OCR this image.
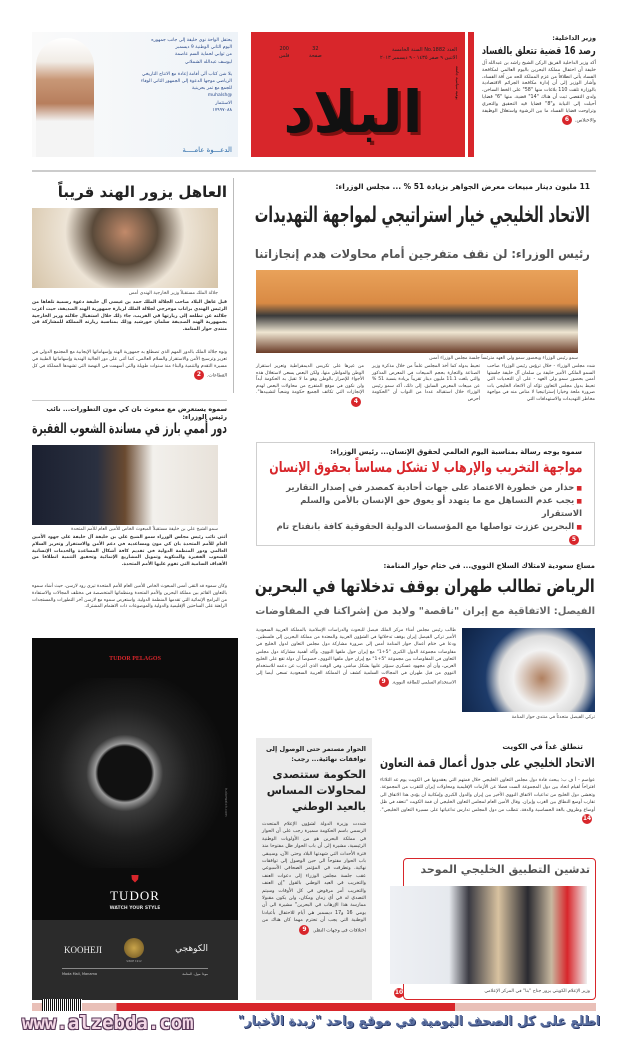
وزير الداخلية:
رصد 16 قضية تتعلق بالفساد
أكد وزير الداخلية الفريق الركن الشيخ راشد بن عبدالله آل خليفة أن احتفال مملكة البحرين باليوم العالمي لمكافحة الفساد يأتي انطلاقاً من عزم المملكة للحد من آفة الفساد، وأشار الوزير إلى أن إدارة مكافحة الجرائم الاقتصادية بالوزارة تلقت 110 بلاغات منها "58" على الخط الساخن، ولدى التقصي ثبت أن هناك "14" قضية، منها "6" قضايا أحيلت إلى النيابة و"8" قضايا قيد التحقيق والتحري وتراوحت قضايا الفساد ما بين الرشوة واستغلال الوظيفة والاختلاس.6
العدد No.1882 السنة الخامسة
الاثنين ٩ صفر ١٤٣٥ - ٩ ديسمبر ٢٠١٣
32
صفحة
200
فلس
البلاد	يومية سياسية جامعة
يحتفل الواحة نوي خليفة إلى جانب جمهوره
اليوم الثاني الوطنية 9 ديسمبر
من ثوابي لحماية السم عاصمة
ليوسف عبدالله الشملاني
يلا شن كتاب ألى أقامة إعادة مع الانتاج التاريخي
الرياضي موجها الدعوة إلى الجمهور الثاني الوفاء
للجمع مع تمر بحرينية
@muhalsh
الاستثمار
١٧٩٩٧٠٨٨
الدعـــوة عامــــة
11 مليون دينار مبيعات معرض الجواهر بزيادة 51 % ... مجلس الوزراء:
الاتحاد الخليجي خيار استراتيجي لمواجهة التهديدات
رئيس الوزراء: لن نقف متفرجين أمام محاولات هدم إنجازاتنا
سمو رئيس الوزراء وبحضور سمو ولي العهد مترئساً جلسة مجلس الوزراء أمس
شدد مجلس الوزراء - خلال ترؤس رئيس الوزراء صاحب السمو الملكي الأمير خليفة بن سلمان آل خليفة جلستها أمس بحضور سمو ولي العهد - على أن التحديات التي تحيط بدول مجلس التعاون تؤكد أن الاتحاد الخليجي بات ضرورة ملحة وخيارا إستراتيجيا لا مناص منه في مواجهة مخاطر التهديدات والاستهدافات التي
تحيط بدوله كما أخذ المجلس علماً من خلال مذكرة وزير الصناعة والتجارة بحجم المبيعات في المعرض المذكور والتي بلغت 11.1 مليون دينار تقريباً بزيادة بنسبة 51 % عن مبيعات المعرض السابق. إلى ذلك، أكد سمو رئيس الوزراء خلال استقباله عددا من النواب أن "الحكومة أحرص
من غيرها على تكريس الديمقراطية وتعزيز استقرار الوطن والمواطن منها، ولكن البعض يسعى لاستغلال هذه الأجواء للإضرار بالوطن وهو ما لا تقبل به الحكومة أبداً ولن نكون في موقع المتفرج من محاولات البعض لهدم الإنجازات التي تكاتف الجميع حكومة وشعباً لتشييدها".4
العاهل يزور الهند قريباً
جلالة الملك مستقبلاً وزير الخارجية الهندي أمس
قبل عاهل البلاد صاحب الجلالة الملك حمد بن عيسى آل خليفة دعوة رسمية تلقاها من الرئيس الهندي براناب موخرجي لجلالة الملك لزيارة جمهورية الهند الصديقة، حيث أعرب جلالته عن تطلعه إلى زيارتها في القريب، جاء ذلك خلال استقبال جلالته وزير الخارجية بجمهورية الهند الصديقة سلمان خورشيد وذلك بمناسبة زيارته المملكة للمشاركة في منتدى حوار المنامة.
ونوه جلالة الملك بالدور المهم الذي تضطلع به جمهورية الهند وإسهاماتها الإيجابية مع المجتمع الدولي في تعزيز وترسيخ الأمن والاستقرار والسلام العالمي، كما أثنى على دور الجالية الهندية وإسهاماتها الطيبة في مسيرة التقدم والتنمية والبناء منذ سنوات طويلة والتي أسهمت في النهضة التي تشهدها المملكة في كل القطاعات.2
سموه يستعرض مع مبعوث بان كي مون التطورات... نائب رئيس الوزراء:
دور أممي بارز في مساندة الشعوب الفقيرة
سمو الشيخ علي بن خليفة مستقبلاً المبعوث الخاص للأمين العام للأمم المتحدة
أثنى نائب رئيس مجلس الوزراء سمو الشيخ علي بن خليفة آل خليفة على جهود الأمين العام للأمم المتحدة بان كي مون ومساعديه في دعم الأمن والاستقرار وتعزيز السلام العالمي ودور المنظمة الدولية في تقديم كافة أشكال المساعدة والخدمات الإنسانية للشعوب الفقيرة والمنكوبة وتمويل المشاريع الإنمائية وتحقيق التنمية انطلاقا من الأهداف السامية التي تقوم عليها الأمم المتحدة.
وكان سموه قد التقى أمس المبعوث الخاص للأمين العام للأمم المتحدة تيري رود لارسن، حيث أشاد سموه بالتعاون القائم بين مملكة البحرين والأمم المتحدة ومنظماتها المتخصصة في مختلف المجالات والاستفادة من البرامج الإنمائية التي تقدمها المنظمة الدولية. واستعرض سموه مع لارسن آخر التطورات والمستجدات الراهنة على الساحتين الإقليمية والدولية والموضوعات ذات الاهتمام المشترك.
TUDOR PELAGOS
⛊
TUDOR
WATCH YOUR STYLE
tudorwatch.com
KOOHEJI
SINCE 1912
الكوهجي
Moda Mall, Manama	مودا مول، المنامة
سموه يوجه رسالة بمناسبة اليوم العالمي لحقوق الإنسان... رئيس الوزراء:
مواجهة التخريب والإرهاب لا تشكل مساساً بحقوق الإنسان
■ حذار من خطورة الاعتماد على جهات أحادية كمصدر في إصدار التقارير
■ يجب عدم التساهل مع ما يتهدد أو يعوق حق الإنسان بالأمن والسلم الاستقرار
■ البحرين عززت تواصلها مع المؤسسات الدولية الحقوقية كافة بانفتاح تام5
مساع سعودية لامتلاك السلاح النووي... في ختام حوار المنامة:
الرياض تطالب طهران بوقف تدخلاتها في البحرين
الفيصل: الاتفاقية مع إيران "ناقصة" ولابد من إشراكنا في المفاوضات
طالب رئيس مجلس أمناء مركز الملك فيصل للبحوث والدراسات الإسلامية بالمملكة العربية السعودية الأمير تركي الفيصل إيران بوقف تدخلاتها في الشؤون العربية والمعتدة من مملكة البحرين إلى فلسطين. ودعا في ختام أعمال حوار المنامة أمس إلى ضرورة مشاركة دول مجلس التعاون لدول الخليج في مفاوضات مجموعة الدول الكبرى "5+1" مع إيران حول ملفها النووي. وأكد أهمية مشاركة دول مجلس التعاون في المفاوضات بين مجموعة "5+1" مع إيران حول ملفها النووي، خصوصاً أن دولة تقع على الخليج العربي، وأن أي مجهود عسكري سيؤثر عليها بشكل مباشر، وفي الوقت الذي أعرب عن دعمه للاستخدام النووي من قبل طهران في المجالات السلمية كشف أن المملكة العربية السعودية تسعى أيضا إلى الاستخدام السلمي للطاقة النووية.9
تركي الفيصل متحدثاً في منتدى حوار المنامة
الحوار مستمر حتى الوصول إلى توافقات نهائية... رجب:
الحكومة ستتصدى لمحاولات المساس بالعيد الوطني
شددت وزيرة الدولة لشؤون الإعلام المتحدث الرسمي باسم الحكومة سميرة رجب على أن الحوار في مملكة البحرين هو من الأولويات الوطنية الرئيسية، مشيرة إلى أن باب الحوار ظل مفتوحا منذ فترة الأحداث التي شهدتها البلاد وحتى الآن، وسيبقى باب الحوار مفتوحاً الى حين الوصول إلى توافقات نهائية. وتطرقت في المؤتمر الصحافي الأسبوعي عقب جلسة مجلس الوزراء إلى دعوات العنف والتخريب في العيد الوطني بالقول "إن العنف والتخريب أمر مرفوض في كل الأوقات وسيتم التصدي له في أي زمان ومكان، ولن يكون مقبولا ممارسة هذا الإرهاب في البحرين" مشيرة الى أن يومي 16 و17 ديسمبر هي أيام للاحتفال بأعيادنا الوطنية التي يجب أن تحترم مهما كان هناك من اختلافات في وجهات النظر.9
تنطلق غداً في الكويت
الاتحاد الخليجي على جدول أعمال قمة التعاون
عواصم - أ ف ب: يبحث قادة دول مجلس التعاون الخليجي خلال قمتهم التي يعقدونها في الكويت يوم غد الثلاثاء اقتراحاً لقيام اتحاد بين دول المجموعة الست فضلا عن الأزمات الإقليمية ومحاولات إيران للتقرب من المجموعة. وتخشى دول الخليج من تداعيات الاتفاق النووي الأخير بين إيران والدول الكبرى وإمكانية أن يؤدي هذا الاتفاق الى تقارب أوسع النطاق بين الغرب وإيران. وقال الأمين العام لمجلس التعاون الخليجي أن قمة الكويت "تنعقد في ظل أوضاع وظروف بالغة الحساسية والدقة، تتطلب من دول المجلس تدارس تداعياتها على مسيرة التعاون الخليجي".14
تدشين التطبيق الخليجي الموحد
وزير الإعلام الكويتي يزور جناح "بنا" في المركز الإعلامي
10
www.alzebda.com	اطلع على كل الصحف اليومية في موقع واحد "زبدة الأخبار"
